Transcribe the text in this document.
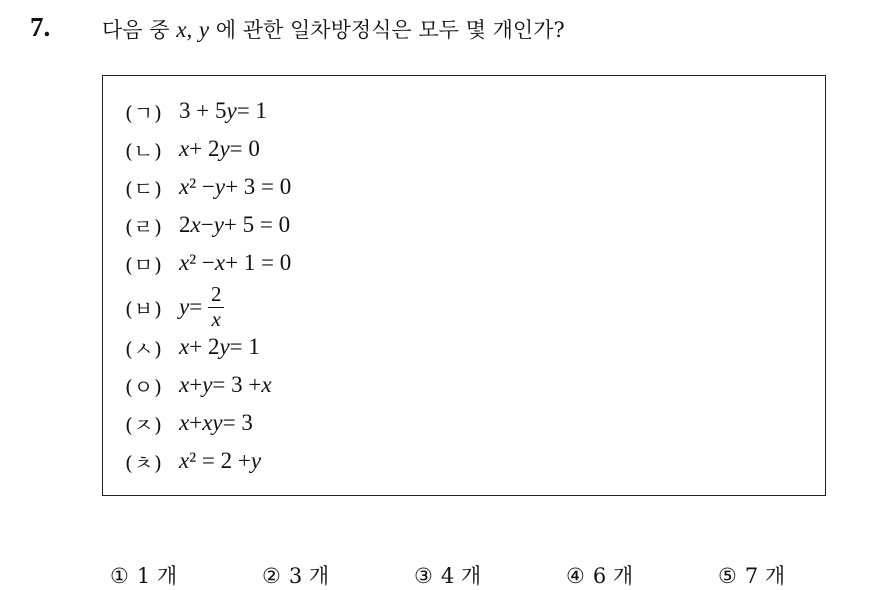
7. 다음 중 x, y 에 관한 일차방정식은 모두 몇 개인가?
(ㄱ) 3 + 5 y = 1
(ㄴ) x + 2 y = 0
(ㄷ) x ² − y + 3 = 0
(ㄹ) 2 x − y + 5 = 0
(ㅁ) x ² − x + 1 = 0
(ㅂ) $y = \frac{2}{x}$
(ㅅ) x + 2 y = 1
(ㅇ) x + y = 3 + x
(ㅈ) x + x y = 3
(ㅊ) x ² = 2 + y
① 1 개	② 3 개	③ 4 개	④ 6 개	⑤ 7 개
